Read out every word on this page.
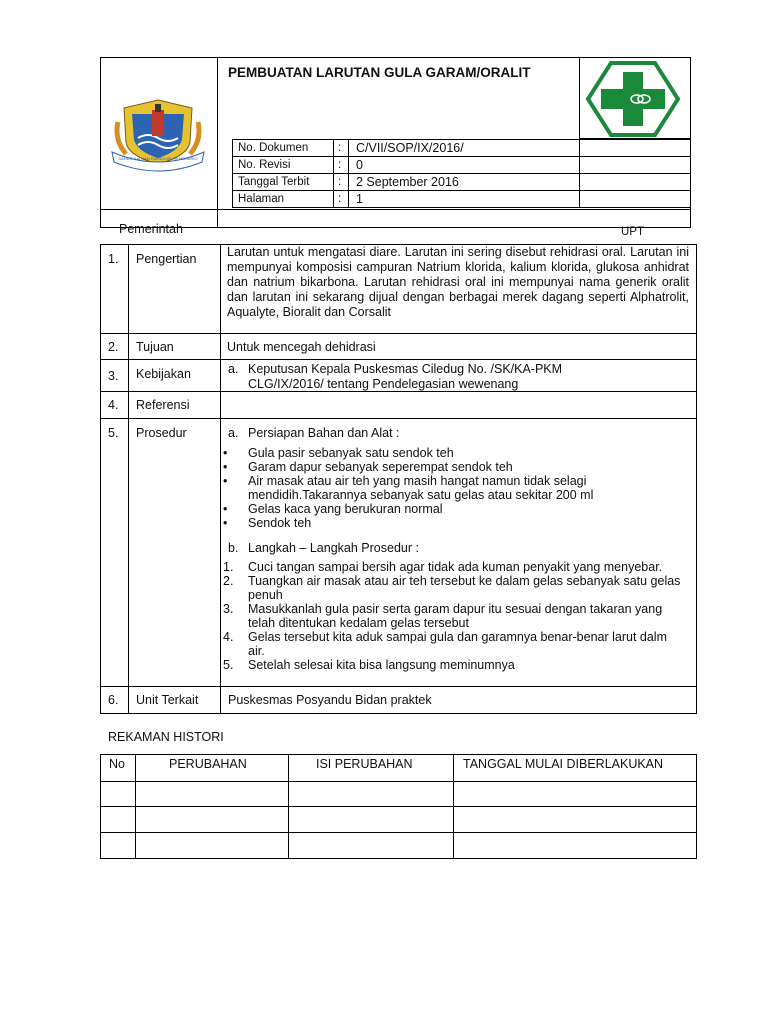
PEMBUATAN LARUTAN GULA GARAM/ORALIT
SAHDO KAI DAN RAMEGJEL REMEHARIO
No. Dokumen	: C/VII/SOP/IX/2016/
No. Revisi	: 0
Tanggal Terbit : 2 September 2016
Halaman	: 1
Pemerintah	UPT
1. Pengertian Larutan untuk mengatasi diare. Larutan ini sering disebut rehidrasi oral. Larutan ini mempunyai komposisi campuran Natrium klorida, kalium klorida, glukosa anhidrat dan natrium bikarbona. Larutan rehidrasi oral ini mempunyai nama generik oralit dan larutan ini sekarang dijual dengan berbagai merek dagang seperti Alphatrolit, Aqualyte, Bioralit dan Corsalit
2. Tujuan	Untuk mencegah dehidrasi
3. Kebijakan	a. Keputusan Kepala Puskesmas Ciledug No. /SK/KA-PKM
CLG/IX/2016/ tentang Pendelegasian wewenang
4. Referensi
5. Prosedur	a. Persiapan Bahan dan Alat :
• Gula pasir sebanyak satu sendok teh
• Garam dapur sebanyak seperempat sendok teh
• Air masak atau air teh yang masih hangat namun tidak selagi mendidih.Takarannya sebanyak satu gelas atau sekitar 200 ml
• Gelas kaca yang berukuran normal
• Sendok teh
b. Langkah – Langkah Prosedur :
1. Cuci tangan sampai bersih agar tidak ada kuman penyakit yang menyebar.
2. Tuangkan air masak atau air teh tersebut ke dalam gelas sebanyak satu gelas penuh
3. Masukkanlah gula pasir serta garam dapur itu sesuai dengan takaran yang telah ditentukan kedalam gelas tersebut
4. Gelas tersebut kita aduk sampai gula dan garamnya benar-benar larut dalm air.
5. Setelah selesai kita bisa langsung meminumnya
6. Unit Terkait Puskesmas Posyandu Bidan praktek
REKAMAN HISTORI
No	PERUBAHAN	ISI PERUBAHAN	TANGGAL MULAI DIBERLAKUKAN
